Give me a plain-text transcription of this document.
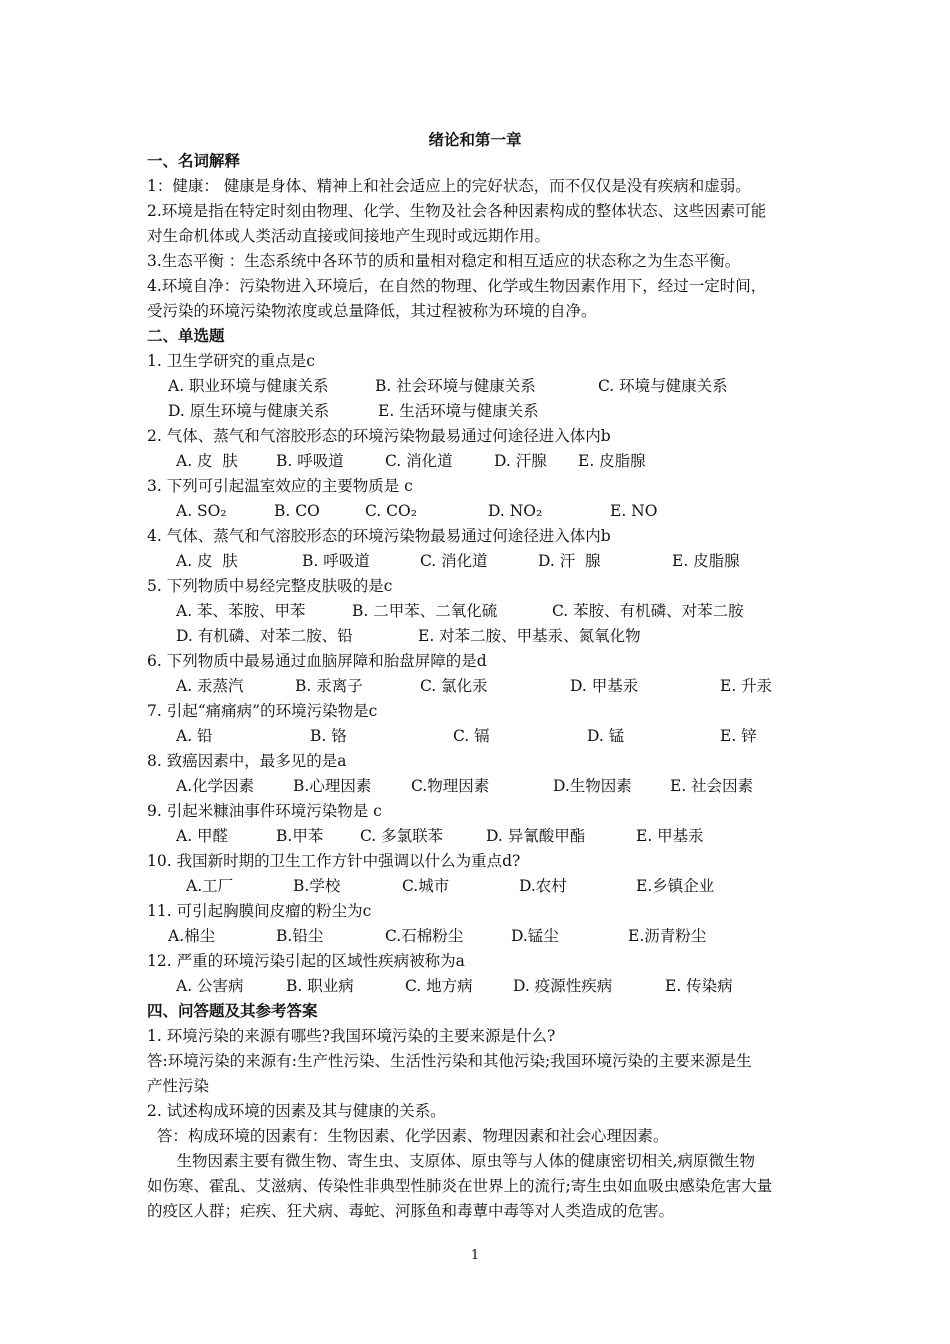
绪论和第一章
一、名词解释
1：健康： 健康是身体、精神上和社会适应上的完好状态，而不仅仅是没有疾病和虚弱。
2.环境是指在特定时刻由物理、化学、生物及社会各种因素构成的整体状态、这些因素可能
对生命机体或人类活动直接或间接地产生现时或远期作用。
3.生态平衡 ：生态系统中各环节的质和量相对稳定和相互适应的状态称之为生态平衡。
4.环境自净：污染物进入环境后，在自然的物理、化学或生物因素作用下，经过一定时间，
受污染的环境污染物浓度或总量降低，其过程被称为环境的自净。
二、单选题
1. 卫生学研究的重点是c
A. 职业环境与健康关系	B. 社会环境与健康关系	C. 环境与健康关系
D. 原生环境与健康关系	E. 生活环境与健康关系
2. 气体、蒸气和气溶胶形态的环境污染物最易通过何途径进入体内b
A. 皮  肤 B. 呼吸道	C. 消化道	D. 汗腺 E. 皮脂腺
3. 下列可引起温室效应的主要物质是 c
A. SO₂	B. CO	C. CO₂	D. NO₂	E. NO
4. 气体、蒸气和气溶胶形态的环境污染物最易通过何途径进入体内b
A. 皮  肤	B. 呼吸道	C. 消化道	D. 汗  腺	E. 皮脂腺
5. 下列物质中易经完整皮肤吸的是c
A. 苯、苯胺、甲苯	B. 二甲苯、二氧化硫	C. 苯胺、有机磷、对苯二胺
D. 有机磷、对苯二胺、铅	E. 对苯二胺、甲基汞、氮氧化物
6. 下列物质中最易通过血脑屏障和胎盘屏障的是d
A. 汞蒸汽	B. 汞离子	C. 氯化汞	D. 甲基汞	E. 升汞
7. 引起“痛痛病”的环境污染物是c
A. 铅	B. 铬	C. 镉	D. 锰	E. 锌
8. 致癌因素中，最多见的是a
A.化学因素	B.心理因素	C.物理因素	D.生物因素 E. 社会因素
9. 引起米糠油事件环境污染物是 c
A. 甲醛	B.甲苯 C. 多氯联苯	D. 异氰酸甲酯	E. 甲基汞
10. 我国新时期的卫生工作方针中强调以什么为重点d?
A.工厂	B.学校	C.城市	D.农村	E.乡镇企业
11. 可引起胸膜间皮瘤的粉尘为c
A.棉尘	B.铅尘	C.石棉粉尘	D.锰尘	E.沥青粉尘
12. 严重的环境污染引起的区域性疾病被称为a
A. 公害病	B. 职业病	C. 地方病	D. 疫源性疾病	E. 传染病
四、问答题及其参考答案
1. 环境污染的来源有哪些?我国环境污染的主要来源是什么?
答:环境污染的来源有:生产性污染、生活性污染和其他污染;我国环境污染的主要来源是生
产性污染
2. 试述构成环境的因素及其与健康的关系。
答：构成环境的因素有：生物因素、化学因素、物理因素和社会心理因素。
生物因素主要有微生物、寄生虫、支原体、原虫等与人体的健康密切相关,病原微生物
如伤寒、霍乱、艾滋病、传染性非典型性肺炎在世界上的流行;寄生虫如血吸虫感染危害大量
的疫区人群；疟疾、狂犬病、毒蛇、河豚鱼和毒蕈中毒等对人类造成的危害。
1
